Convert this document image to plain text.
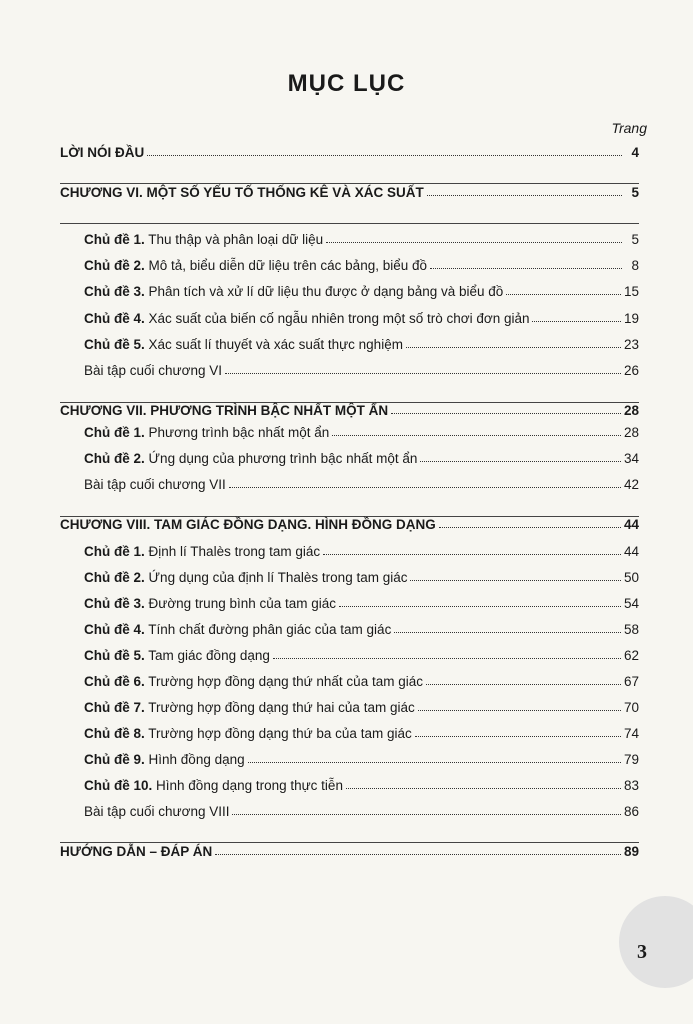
MỤC LỤC
Trang
LỜI NÓI ĐẦU	4
CHƯƠNG VI. MỘT SỐ YẾU TỐ THỐNG KÊ VÀ XÁC SUẤT	5
Chủ đề 1. Thu thập và phân loại dữ liệu	5
Chủ đề 2. Mô tả, biểu diễn dữ liệu trên các bảng, biểu đồ	8
Chủ đề 3. Phân tích và xử lí dữ liệu thu được ở dạng bảng và biểu đồ	15
Chủ đề 4. Xác suất của biến cố ngẫu nhiên trong một số trò chơi đơn giản	19
Chủ đề 5. Xác suất lí thuyết và xác suất thực nghiệm	23
Bài tập cuối chương VI	26
CHƯƠNG VII. PHƯƠNG TRÌNH BẬC NHẤT MỘT ẨN	28
Chủ đề 1. Phương trình bậc nhất một ẩn	28
Chủ đề 2. Ứng dụng của phương trình bậc nhất một ẩn	34
Bài tập cuối chương VII	42
CHƯƠNG VIII. TAM GIÁC ĐỒNG DẠNG. HÌNH ĐỒNG DẠNG	44
Chủ đề 1. Định lí Thalès trong tam giác	44
Chủ đề 2. Ứng dụng của định lí Thalès trong tam giác	50
Chủ đề 3. Đường trung bình của tam giác	54
Chủ đề 4. Tính chất đường phân giác của tam giác	58
Chủ đề 5. Tam giác đồng dạng	62
Chủ đề 6. Trường hợp đồng dạng thứ nhất của tam giác	67
Chủ đề 7. Trường hợp đồng dạng thứ hai của tam giác	70
Chủ đề 8. Trường hợp đồng dạng thứ ba của tam giác	74
Chủ đề 9. Hình đồng dạng	79
Chủ đề 10. Hình đồng dạng trong thực tiễn	83
Bài tập cuối chương VIII	86
HƯỚNG DẪN – ĐÁP ÁN	89
3
